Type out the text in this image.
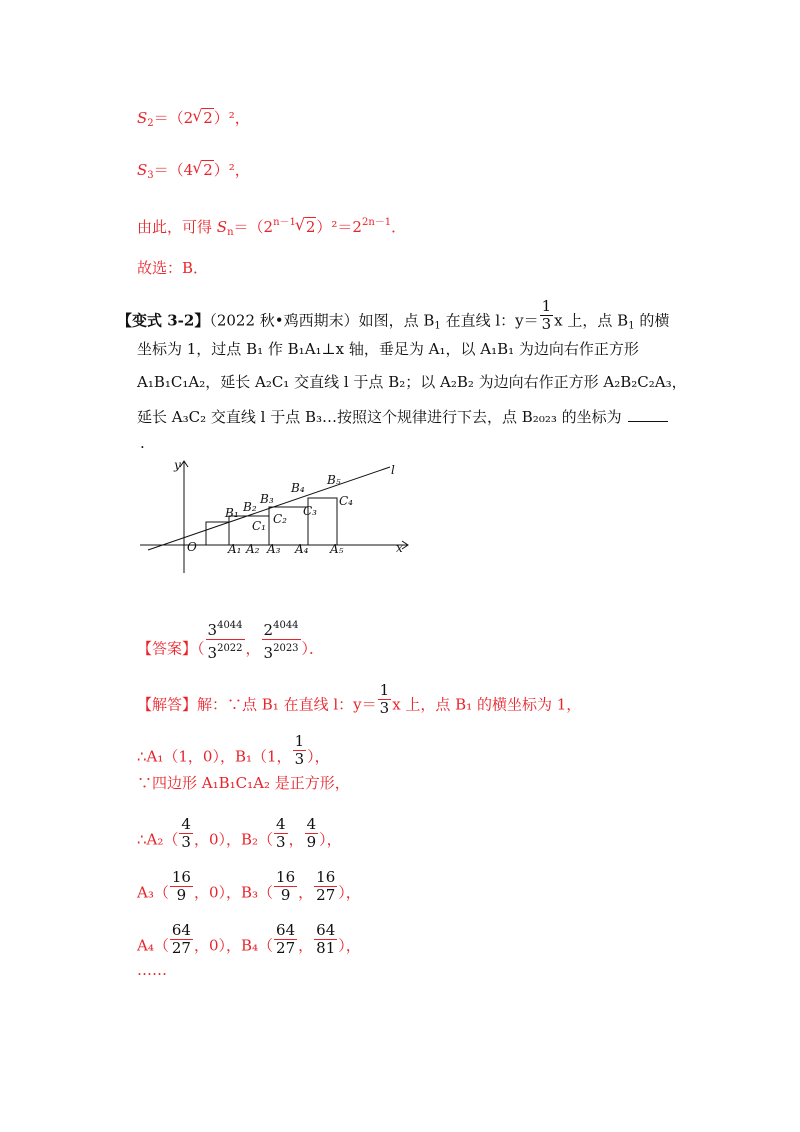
$S_2=(2√$ 2）²，
$S_3=(4√$ 2）²，
由此，可得 $S_n=(2^{n-1}√$ $2)^2=2^{2n-1}$．
故选：B．
【变式 3-2】（2022 秋•鸡西期末）如图，点 $B_1$ 在直线 l：$y= \frac{1}{3}$ x 上，点 $B_1$ 的横
坐标为 1，过点 B₁ 作 B₁A₁⊥x 轴，垂足为 A₁，以 A₁B₁ 为边向右作正方形
A₁B₁C₁A₂，延长 A₂C₁ 交直线 l 于点 B₂；以 A₂B₂ 为边向右作正方形 A₂B₂C₂A₃，
延长 A₃C₂ 交直线 l 于点 B₃…按照这个规律进行下去，点 B₂₀₂₃ 的坐标为
.
y
x
O
l
A₁ A₂ A₃ A₄ A₅
B₁ B₂
B₃
B₄
B₅
C₁ C₂
C₃
C₄
【答案】（ $\frac{3^{4044}}{3^{2022}}$ ， $\frac{2^{4044}}{3^{2023}}$ ）．
【解答】解：∵点 B₁ 在直线 l：$y= \frac{1}{3}$ x 上，点 B₁ 的横坐标为 1，
∴A₁（1，0），B₁（1， $\frac{1}{3}$ ），
∵四边形 A₁B₁C₁A₂ 是正方形，
∴A₂（ $\frac{4}{3}$ ，0），$B_2( \frac{4}{3}$ ， $\frac{4}{9}$ ），
$A_3( \frac{16}{9}$ ，0），$B_3( \frac{16}{9}$ ， $\frac{16}{27}$ ），
$A_4( \frac{64}{27}$ ，0），$B_4( \frac{64}{27}$ ， $\frac{64}{81}$ ），
……
